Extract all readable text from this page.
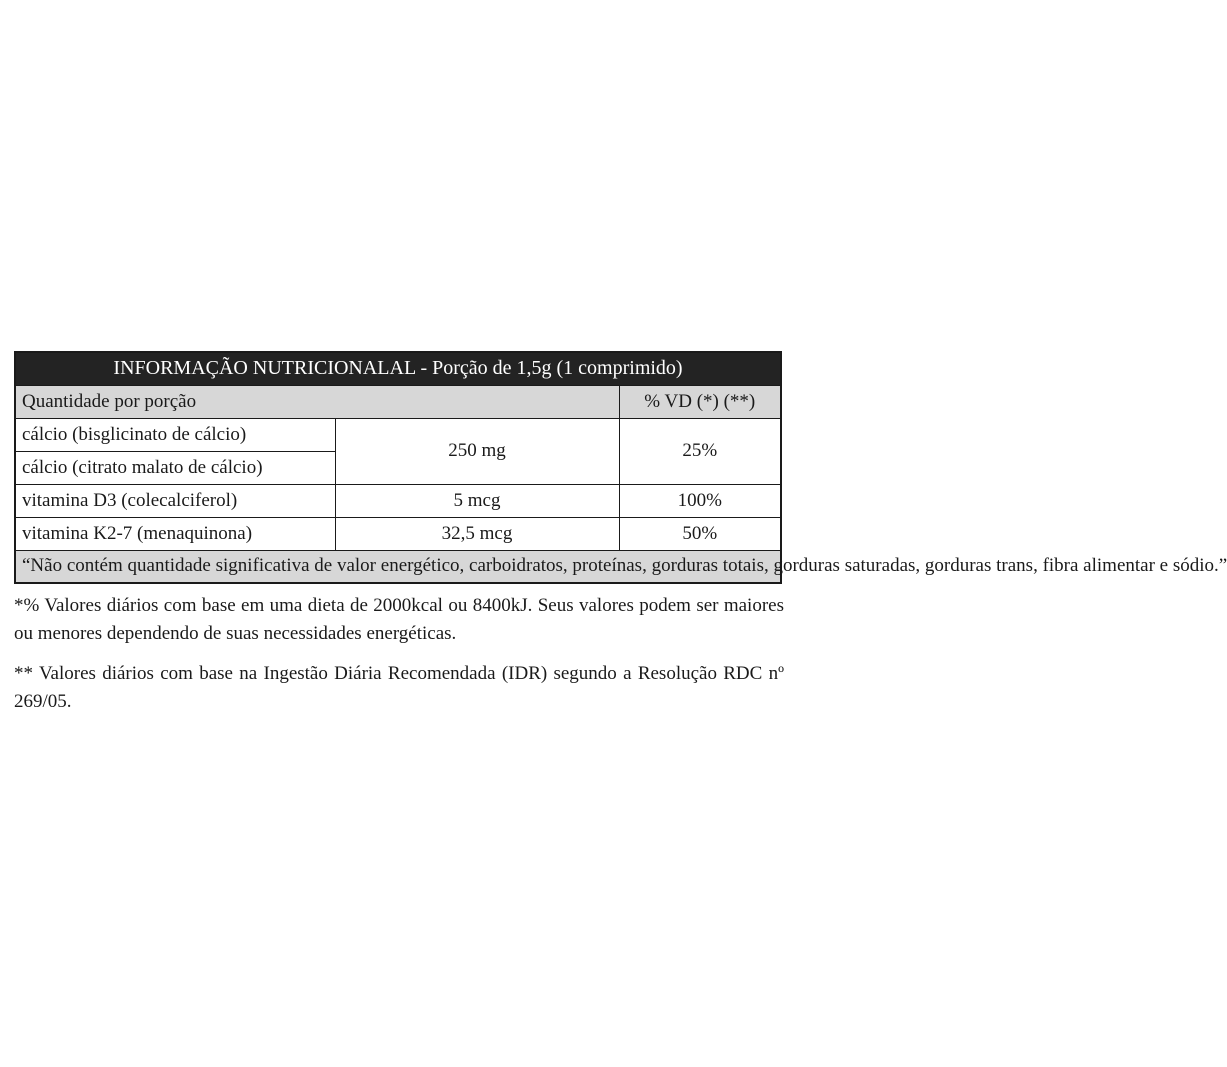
INFORMAÇÃO NUTRICIONALAL - Porção de 1,5g (1 comprimido)		
Quantidade por porção		% VD (*) (**)
cálcio (bisglicinato de cálcio)	250 mg	25%
cálcio (citrato malato de cálcio)		
vitamina D3 (colecalciferol)	5 mcg	100%
vitamina K2-7 (menaquinona)	32,5 mcg	50%
“Não contém quantidade significativa de valor energético, carboidratos, proteínas, gorduras totais, gorduras saturadas, gorduras trans, fibra alimentar e sódio.”		

*% Valores diários com base em uma dieta de 2000kcal ou 8400kJ. Seus valores podem ser maiores ou menores dependendo de suas necessidades energéticas.

** Valores diários com base na Ingestão Diária Recomendada (IDR) segundo a Resolução RDC nº 269/05.
